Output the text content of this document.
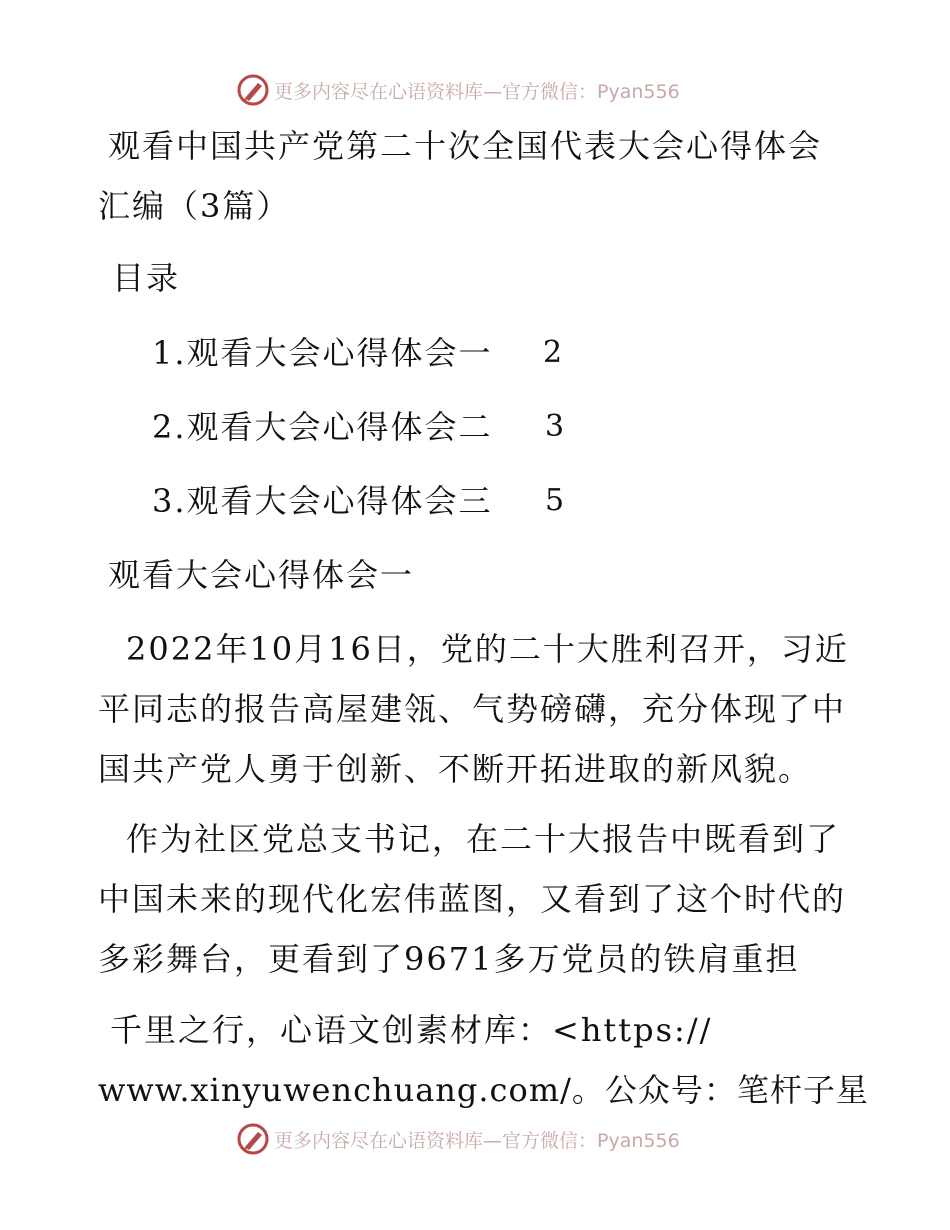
更多内容尽在心语资料库—官方微信：Pyan556
观看中国共产党第二十次全国代表大会心得体会
汇编（3篇）
目录
1.观看大会心得体会一 2
2.观看大会心得体会二 3
3.观看大会心得体会三 5
观看大会心得体会一
2022年10月16日，党的二十大胜利召开，习近
平同志的报告高屋建瓴、气势磅礴，充分体现了中
国共产党人勇于创新、不断开拓进取的新风貌。
作为社区党总支书记，在二十大报告中既看到了
中国未来的现代化宏伟蓝图，又看到了这个时代的
多彩舞台，更看到了9671多万党员的铁肩重担
千里之行，心语文创素材库：<https://
www.xinyuwenchuang.com/。公众号：笔杆子星
更多内容尽在心语资料库—官方微信：Pyan556
